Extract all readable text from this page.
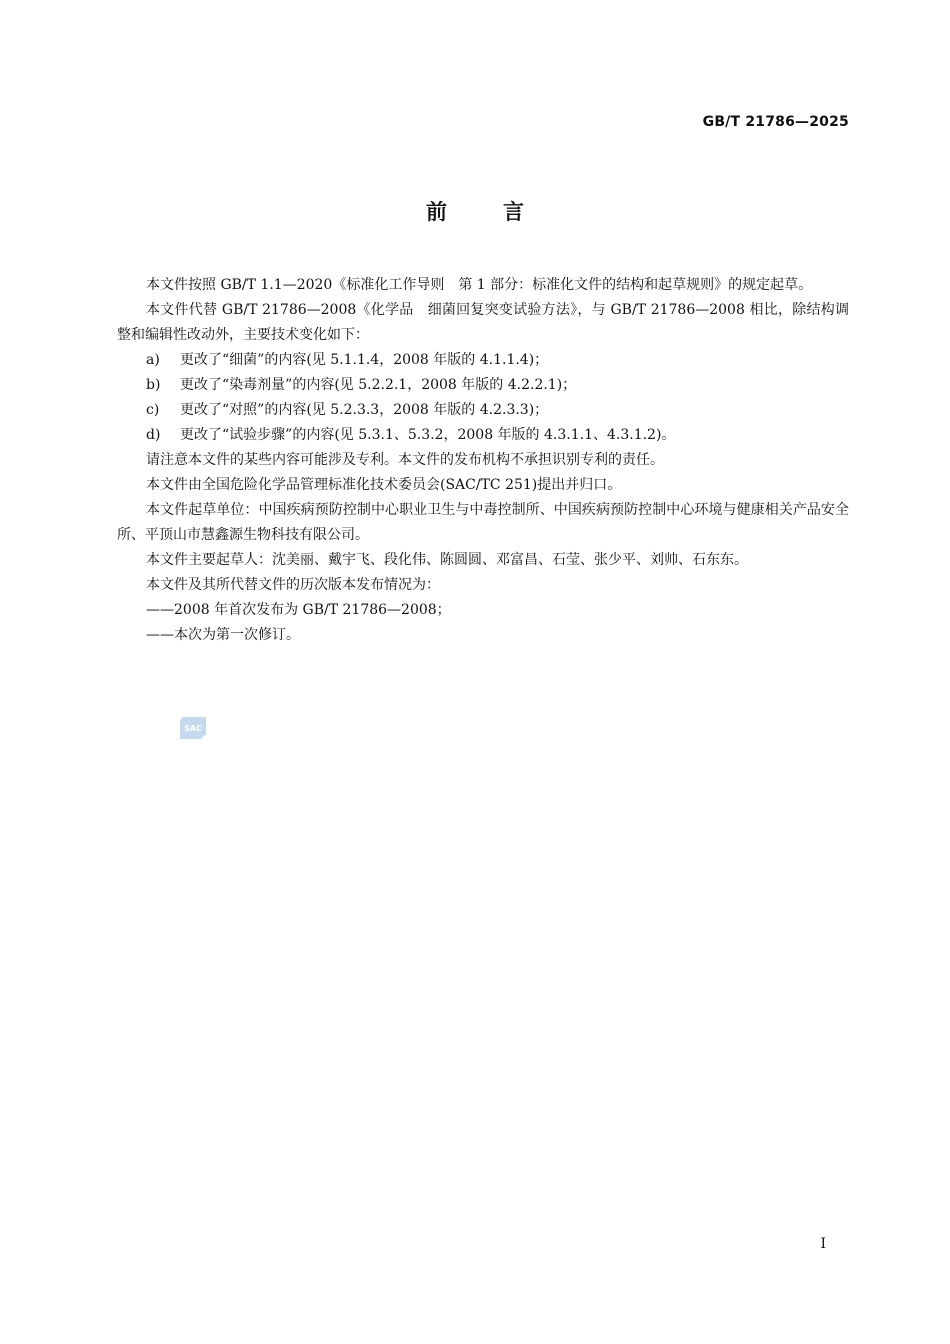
GB/T 21786—2025
前	言

本文件按照 GB/T 1.1—2020《标准化工作导则　第 1 部分：标准化文件的结构和起草规则》的规定起草。

本文件代替 GB/T 21786—2008《化学品　细菌回复突变试验方法》，与 GB/T 21786—2008 相比，除结构调整和编辑性改动外，主要技术变化如下：

a) 更改了“细菌”的内容(见 5.1.1.4，2008 年版的 4.1.1.4)；
b) 更改了“染毒剂量”的内容(见 5.2.2.1，2008 年版的 4.2.2.1)；
c) 更改了“对照”的内容(见 5.2.3.3，2008 年版的 4.2.3.3)；
d) 更改了“试验步骤”的内容(见 5.3.1、5.3.2，2008 年版的 4.3.1.1、4.3.1.2)。

请注意本文件的某些内容可能涉及专利。本文件的发布机构不承担识别专利的责任。

本文件由全国危险化学品管理标准化技术委员会(SAC/TC 251)提出并归口。

本文件起草单位：中国疾病预防控制中心职业卫生与中毒控制所、中国疾病预防控制中心环境与健康相关产品安全所、平顶山市慧鑫源生物科技有限公司。

本文件主要起草人：沈美丽、戴宇飞、段化伟、陈圆圆、邓富昌、石莹、张少平、刘帅、石东东。

本文件及其所代替文件的历次版本发布情况为：

——2008 年首次发布为 GB/T 21786—2008；
——本次为第一次修订。
SAC
I
